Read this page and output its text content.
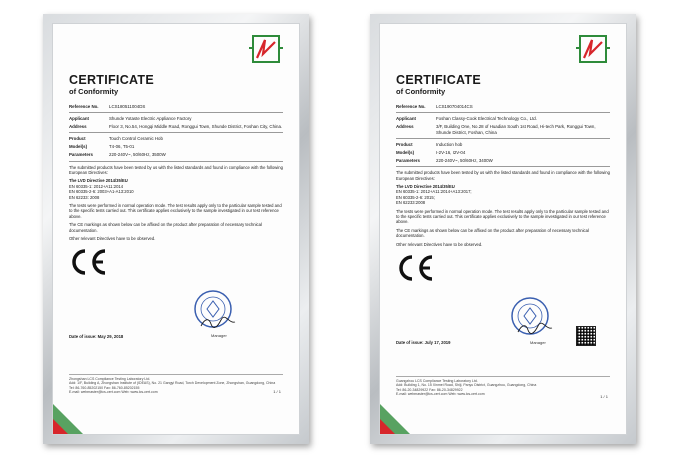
CERTIFICATE
of Conformity
Reference No.	LCS180511004DS
Applicant	Shunde Yotaste Electric Appliance Factory
Address	Floor 3, No.54, Hongqi Middle Road, Ronggui Town, Shunde District, Foshan City, China.
Product	Touch Control Ceramic Hob
Model(s)	T4-06, T5-01
Parameters	220-240V~, 50/60Hz, 3500W
The submitted products have been tested by us with the listed standards and found in compliance with the following European Directives:
The LVD Directive 2014/35/EU
EN 60335-1: 2012+A11:2014
EN 60335-2-6: 2003+A1-A13:2010
EN 62233: 2008
The tests were performed in normal operation mode. The test results apply only to the particular sample tested and to the specific tests carried out. This certificate applies exclusively to the sample investigated in our test reference above.
The CE markings as shown below can be affixed on the product after preparation of necessary technical documentation.
Other relevant Directives have to be observed.
Manager
Date of issue: May 29, 2018
Zhongshan LCS Compliance Testing Laboratory Ltd.
Add: 1/F, Building A, Zhongshan Institute of (IDEAS), No. 21 Gangyi Road, Torch Development Zone, Zhongshan, Guangdong, China
Tel: 86-760-85202150 Fax: 86-760-85202155
E-mail: webmaster@lcs-cert.com Web: www.lcs-cert.com	1 / 1
CERTIFICATE
of Conformity
Reference No.	LCS190704014CS
Applicant	Foshan Classy-Cook Electrical Technology Co., Ltd.
Address	3/F, Building One, No.28 of Huadian South 1st Road, Hi-tech Park, Ronggui Town, Shunde District, Foshan, China
Product	Induction hob
Model(s)	I-2V-16, I2V-04
Parameters	220-240V~, 50/60Hz, 3400W
The submitted products have been tested by us with the listed standards and found in compliance with the following European Directives:
The LVD Directive 2014/35/EU
EN 60335-1: 2012+A11:2014+A13:2017;
EN 60335-2-6: 2015;
EN 62233:2008
The tests were performed in normal operation mode. The test results apply only to the particular sample tested and to the specific tests carried out. This certificate applies exclusively to the sample investigated in our test reference above.
The CE markings as shown below can be affixed on the product after preparation of necessary technical documentation.
Other relevant Directives have to be observed.
Manager
Date of issue: July 17, 2019
Guangzhou LCS Compliance Testing Laboratory Ltd.
Add: Building 1, No. 15 Xinmei Road, Shiji, Panyu District, Guangzhou, Guangdong, China
Tel: 86-20-34829922 Fax: 86-20-34829922
E-mail: webmaster@lcs-cert.com Web: www.lcs-cert.com	1 / 1
